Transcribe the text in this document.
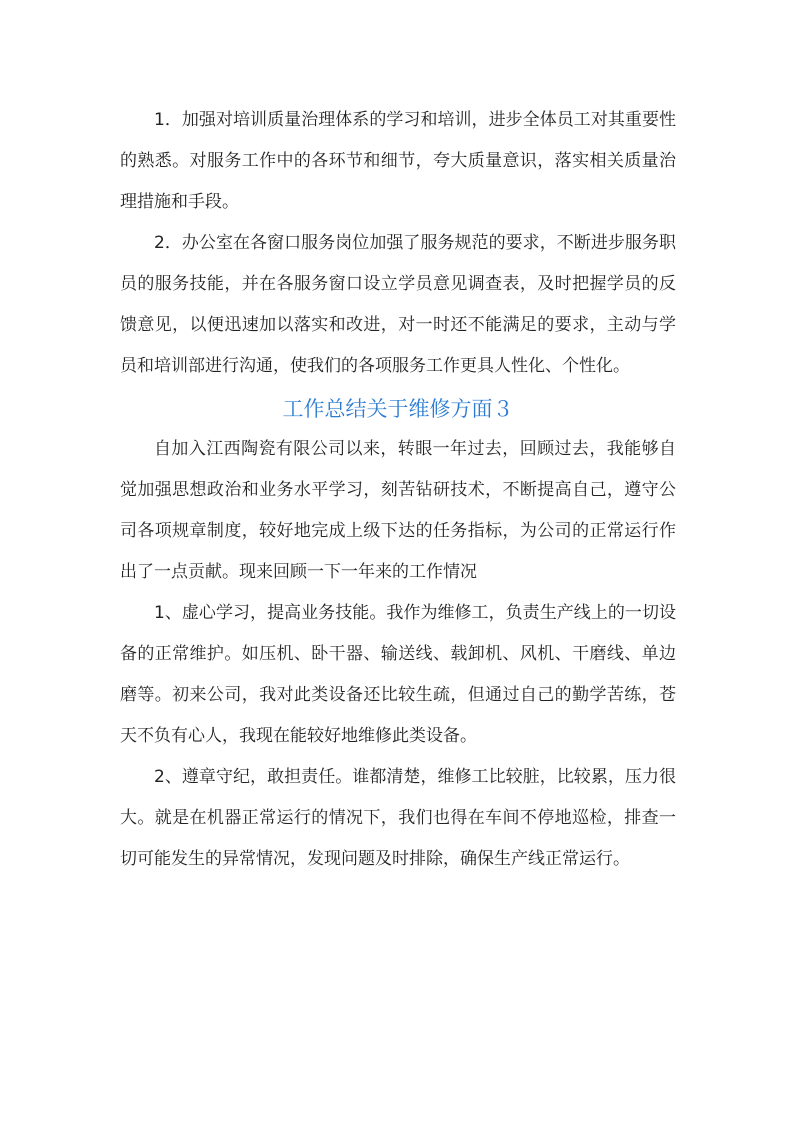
1．加强对培训质量治理体系的学习和培训，进步全体员工对其重要性的熟悉。对服务工作中的各环节和细节，夸大质量意识，落实相关质量治理措施和手段。

2．办公室在各窗口服务岗位加强了服务规范的要求，不断进步服务职员的服务技能，并在各服务窗口设立学员意见调查表，及时把握学员的反馈意见，以便迅速加以落实和改进，对一时还不能满足的要求，主动与学员和培训部进行沟通，使我们的各项服务工作更具人性化、个性化。

工作总结关于维修方面３

自加入江西陶瓷有限公司以来，转眼一年过去，回顾过去，我能够自觉加强思想政治和业务水平学习，刻苦钻研技术，不断提高自己，遵守公司各项规章制度，较好地完成上级下达的任务指标，为公司的正常运行作出了一点贡献。现来回顾一下一年来的工作情况

1、虚心学习，提高业务技能。我作为维修工，负责生产线上的一切设备的正常维护。如压机、卧干器、输送线、载卸机、风机、干磨线、单边磨等。初来公司，我对此类设备还比较生疏，但通过自己的勤学苦练，苍天不负有心人，我现在能较好地维修此类设备。

2、遵章守纪，敢担责任。谁都清楚，维修工比较脏，比较累，压力很大。就是在机器正常运行的情况下，我们也得在车间不停地巡检，排查一切可能发生的异常情况，发现问题及时排除，确保生产线正常运行。
